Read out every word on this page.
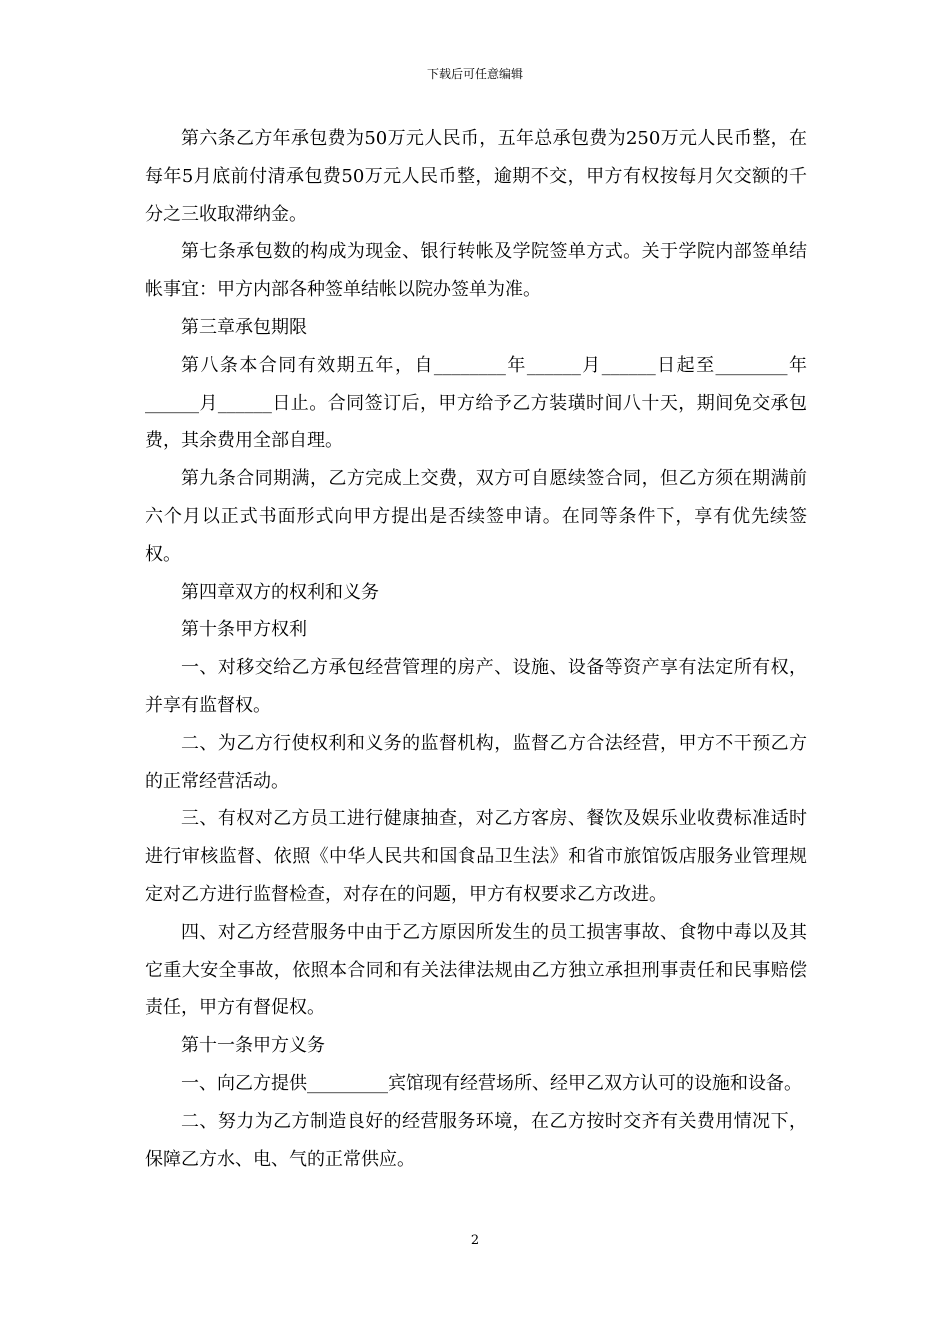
下载后可任意编辑

第六条乙方年承包费为50万元人民币，五年总承包费为250万元人民币整，在每年5月底前付清承包费50万元人民币整，逾期不交，甲方有权按每月欠交额的千分之三收取滞纳金。

第七条承包数的构成为现金、银行转帐及学院签单方式。关于学院内部签单结帐事宜：甲方内部各种签单结帐以院办签单为准。

第三章承包期限

第八条本合同有效期五年，自________年______月______日起至________年______月______日止。合同签订后，甲方给予乙方装璜时间八十天，期间免交承包费，其余费用全部自理。

第九条合同期满，乙方完成上交费，双方可自愿续签合同，但乙方须在期满前六个月以正式书面形式向甲方提出是否续签申请。在同等条件下，享有优先续签权。

第四章双方的权利和义务

第十条甲方权利

一、对移交给乙方承包经营管理的房产、设施、设备等资产享有法定所有权，并享有监督权。

二、为乙方行使权利和义务的监督机构，监督乙方合法经营，甲方不干预乙方的正常经营活动。

三、有权对乙方员工进行健康抽查，对乙方客房、餐饮及娱乐业收费标准适时进行审核监督、依照《中华人民共和国食品卫生法》和省市旅馆饭店服务业管理规定对乙方进行监督检查，对存在的问题，甲方有权要求乙方改进。

四、对乙方经营服务中由于乙方原因所发生的员工损害事故、食物中毒以及其它重大安全事故，依照本合同和有关法律法规由乙方独立承担刑事责任和民事赔偿责任，甲方有督促权。

第十一条甲方义务

一、向乙方提供_________宾馆现有经营场所、经甲乙双方认可的设施和设备。

二、努力为乙方制造良好的经营服务环境，在乙方按时交齐有关费用情况下，保障乙方水、电、气的正常供应。

2
